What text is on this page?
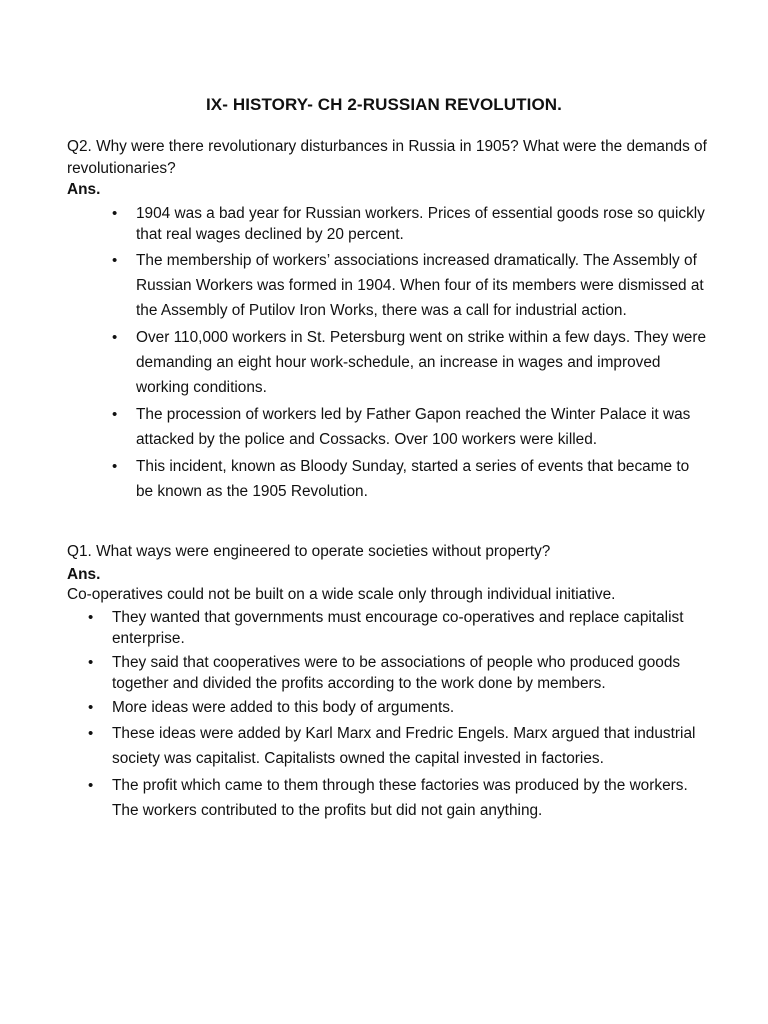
IX- HISTORY- CH 2-RUSSIAN REVOLUTION.
Q2. Why were there revolutionary disturbances in Russia in 1905? What were the demands of revolutionaries?
Ans.
• 1904 was a bad year for Russian workers. Prices of essential goods rose so quickly that real wages declined by 20 percent.
• The membership of workers’ associations increased dramatically. The Assembly of Russian Workers was formed in 1904. When four of its members were dismissed at the Assembly of Putilov Iron Works, there was a call for industrial action.
• Over 110,000 workers in St. Petersburg went on strike within a few days. They were demanding an eight hour work-schedule, an increase in wages and improved working conditions.
• The procession of workers led by Father Gapon reached the Winter Palace it was attacked by the police and Cossacks. Over 100 workers were killed.
• This incident, known as Bloody Sunday, started a series of events that became to be known as the 1905 Revolution.
Q1. What ways were engineered to operate societies without property?
Ans.
Co-operatives could not be built on a wide scale only through individual initiative.
• They wanted that governments must encourage co-operatives and replace capitalist enterprise.
• They said that cooperatives were to be associations of people who produced goods together and divided the profits according to the work done by members.
• More ideas were added to this body of arguments.
• These ideas were added by Karl Marx and Fredric Engels. Marx argued that industrial society was capitalist. Capitalists owned the capital invested in factories.
• The profit which came to them through these factories was produced by the workers. The workers contributed to the profits but did not gain anything.
